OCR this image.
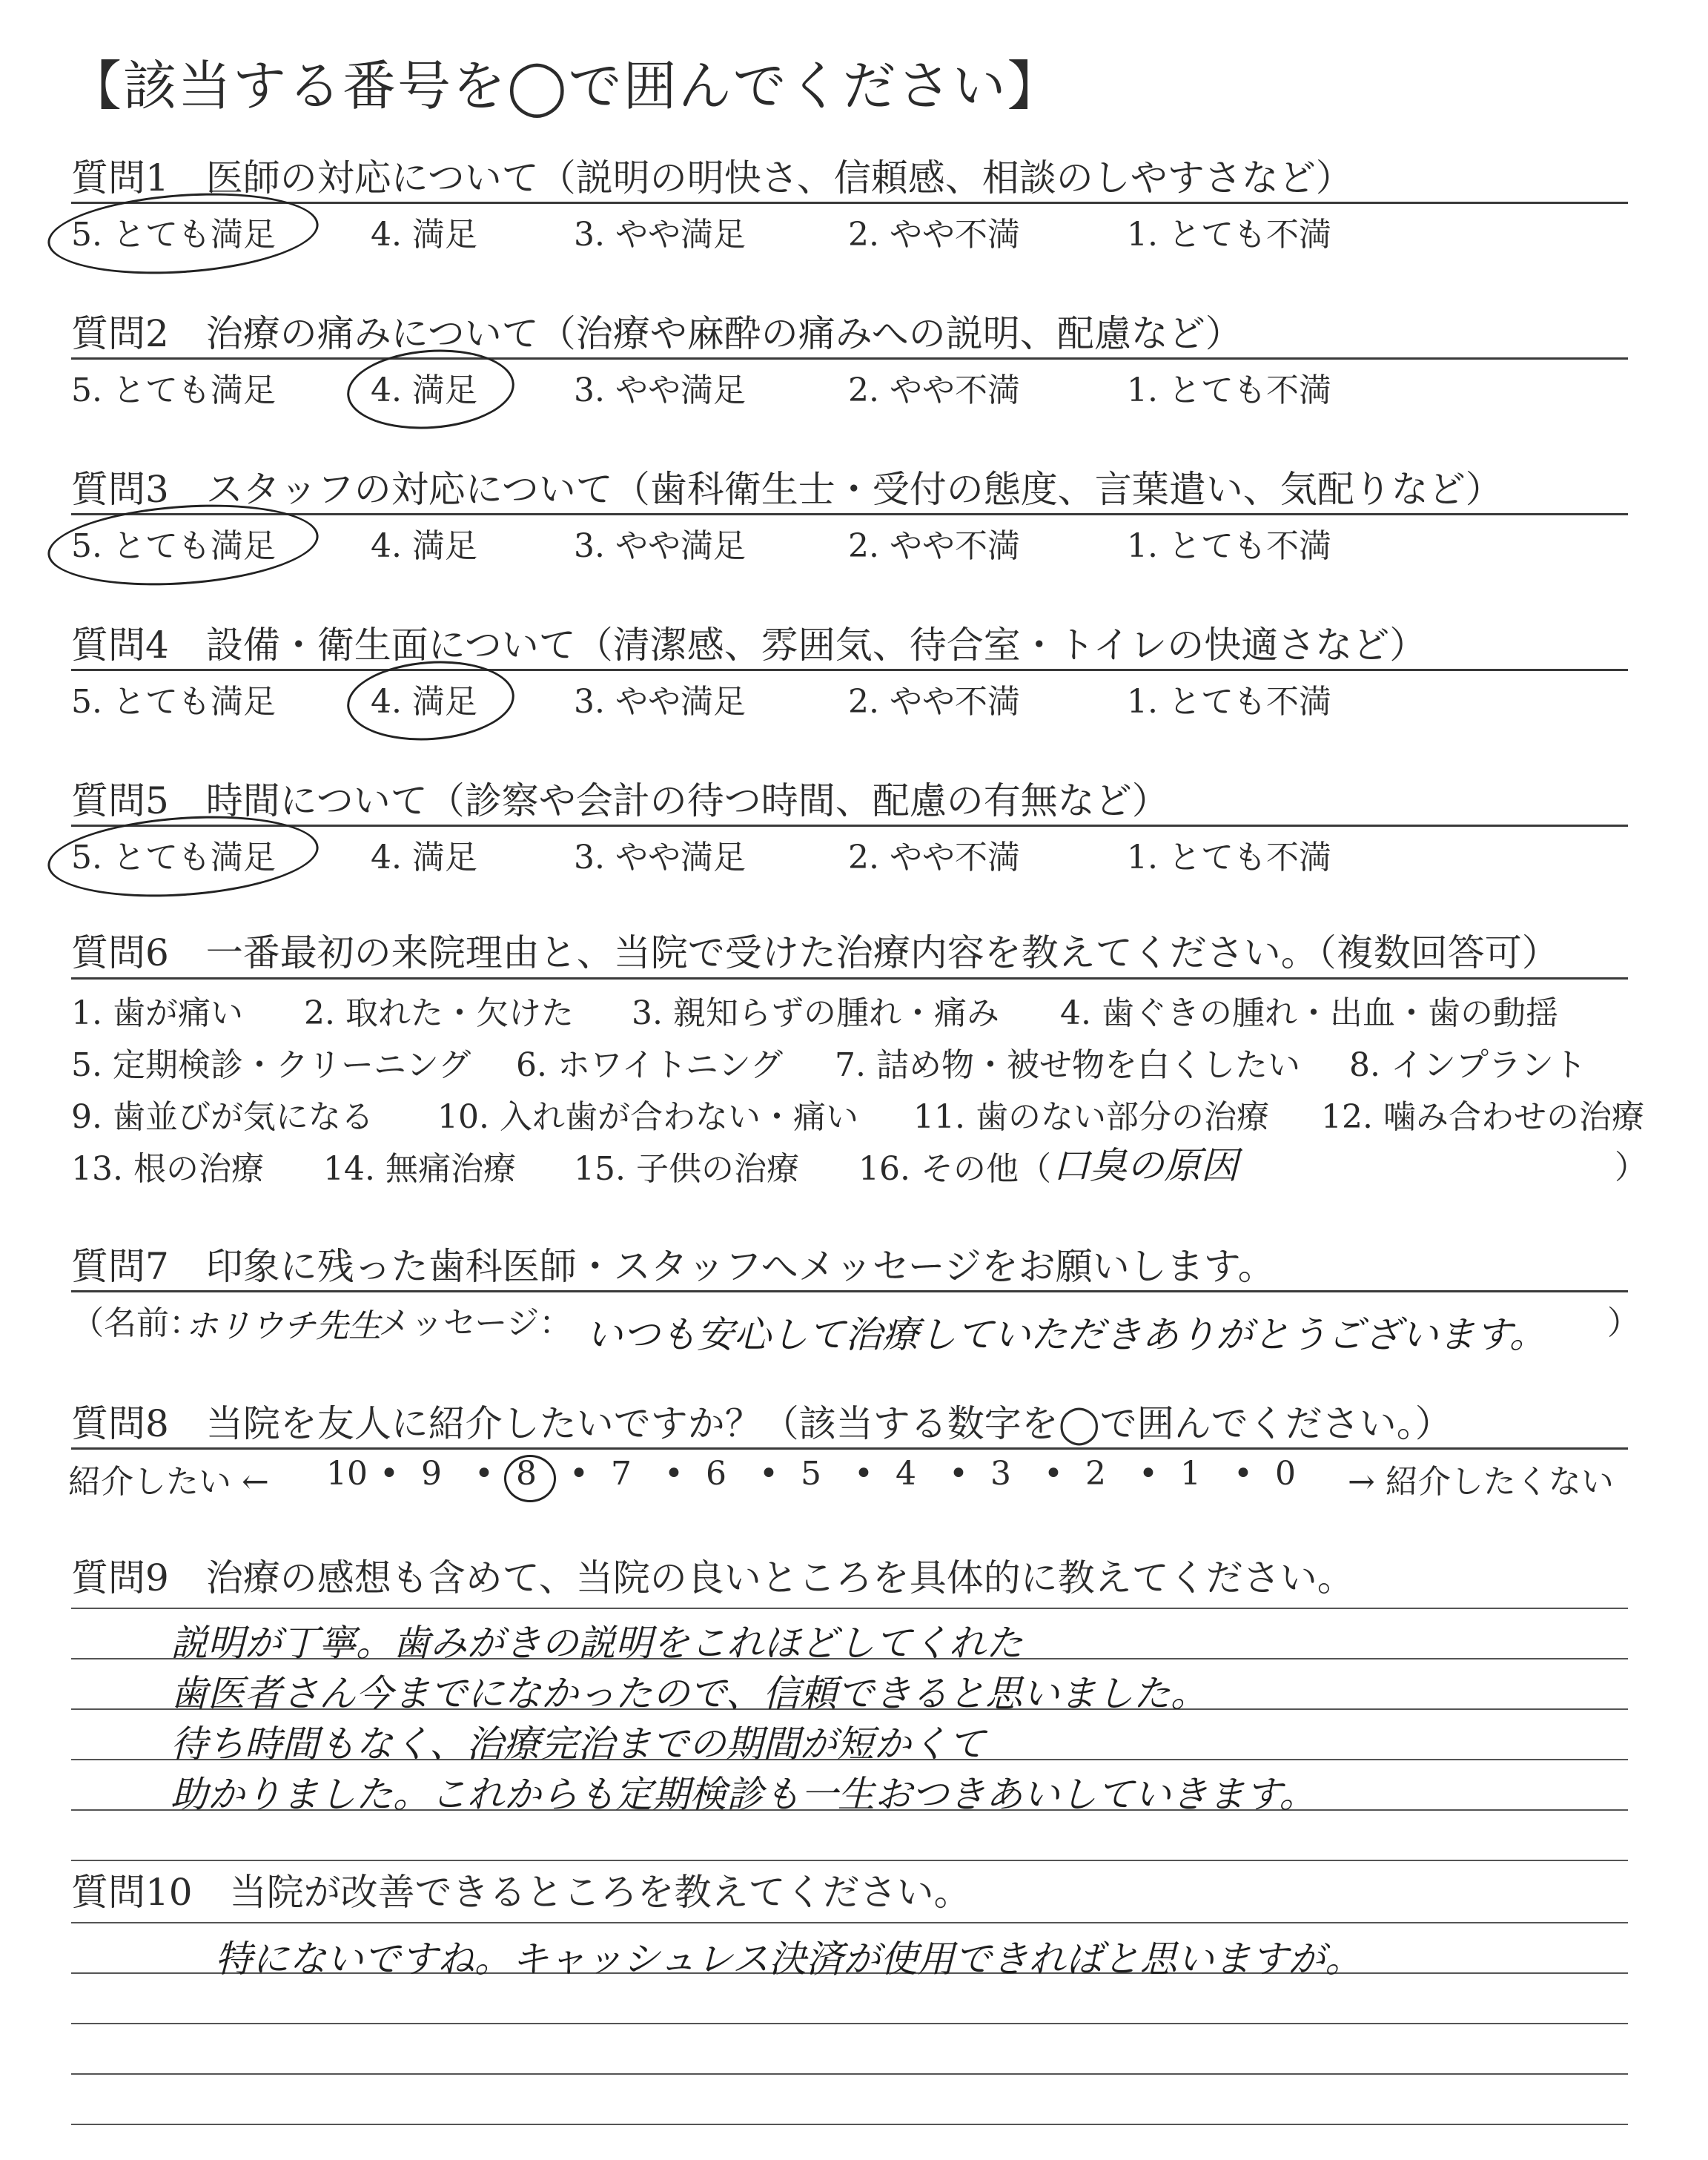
【該当する番号を◯で囲んでください】
質問1　医師の対応について（説明の明快さ、信頼感、相談のしやすさなど）
5. とても満足	4. 満足	3. やや満足	2. やや不満	1. とても不満
質問2　治療の痛みについて（治療や麻酔の痛みへの説明、配慮など）
5. とても満足	4. 満足	3. やや満足	2. やや不満	1. とても不満
質問3　スタッフの対応について（歯科衛生士・受付の態度、言葉遣い、気配りなど）
5. とても満足	4. 満足	3. やや満足	2. やや不満	1. とても不満
質問4　設備・衛生面について（清潔感、雰囲気、待合室・トイレの快適さなど）
5. とても満足	4. 満足	3. やや満足	2. やや不満	1. とても不満
質問5　時間について（診察や会計の待つ時間、配慮の有無など）
5. とても満足	4. 満足	3. やや満足	2. やや不満	1. とても不満
質問6　一番最初の来院理由と、当院で受けた治療内容を教えてください。（複数回答可）
1. 歯が痛い 2. 取れた・欠けた 3. 親知らずの腫れ・痛み 4. 歯ぐきの腫れ・出血・歯の動揺
5. 定期検診・クリーニング 6. ホワイトニング 7. 詰め物・被せ物を白くしたい 8. インプラント
9. 歯並びが気になる 10. 入れ歯が合わない・痛い 11. 歯のない部分の治療 12. 噛み合わせの治療
13. 根の治療 14. 無痛治療 15. 子供の治療 16. その他（ 口臭の原因	）
質問7　印象に残った歯科医師・スタッフへメッセージをお願いします。
（名前：
ホリウチ先生
メッセージ： いつも安心して治療していただきありがとうございます。 ）
質問8　当院を友人に紹介したいですか？（該当する数字を◯で囲んでください。）
紹介したい ← 10 • 9 • 8 • 7 • 6 • 5 • 4 • 3 • 2 • 1 • 0 → 紹介したくない
質問9　治療の感想も含めて、当院の良いところを具体的に教えてください。
説明が丁寧。歯みがきの説明をこれほどしてくれた
歯医者さん今までになかったので、信頼できると思いました。
待ち時間もなく、治療完治までの期間が短かくて
助かりました。これからも定期検診も一生おつきあいしていきます。
質問10　当院が改善できるところを教えてください。
特にないですね。キャッシュレス決済が使用できればと思いますが。
